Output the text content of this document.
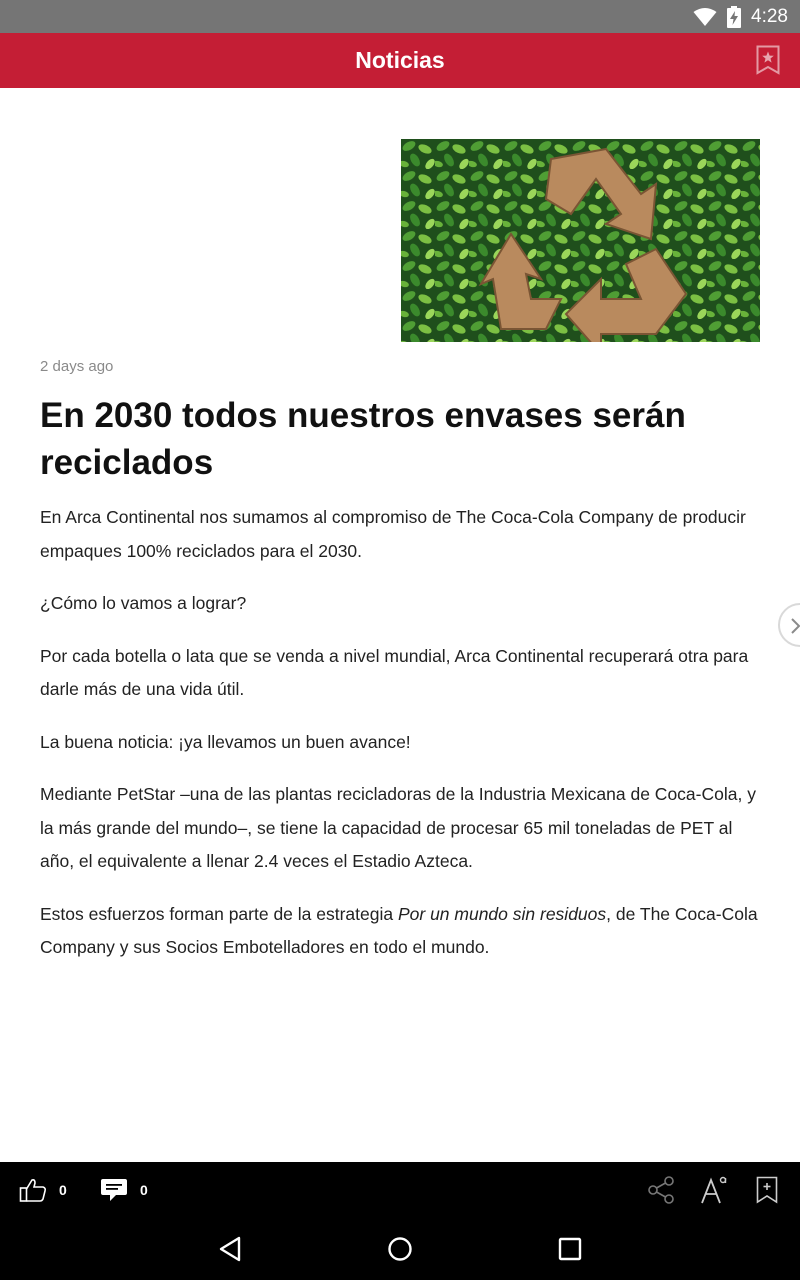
4:28
Noticias
2 days ago
En 2030 todos nuestros envases serán reciclados

En Arca Continental nos sumamos al compromiso de The Coca-Cola Company de producir empaques 100% reciclados para el 2030.

¿Cómo lo vamos a lograr?

Por cada botella o lata que se venda a nivel mundial, Arca Continental recuperará otra para darle más de una vida útil.

La buena noticia: ¡ya llevamos un buen avance!

Mediante PetStar –una de las plantas recicladoras de la Industria Mexicana de Coca-Cola, y la más grande del mundo–, se tiene la capacidad de procesar 65 mil toneladas de PET al año, el equivalente a llenar 2.4 veces el Estadio Azteca.

Estos esfuerzos forman parte de la estrategia Por un mundo sin residuos, de The Coca-Cola Company y sus Socios Embotelladores en todo el mundo.

0	0
